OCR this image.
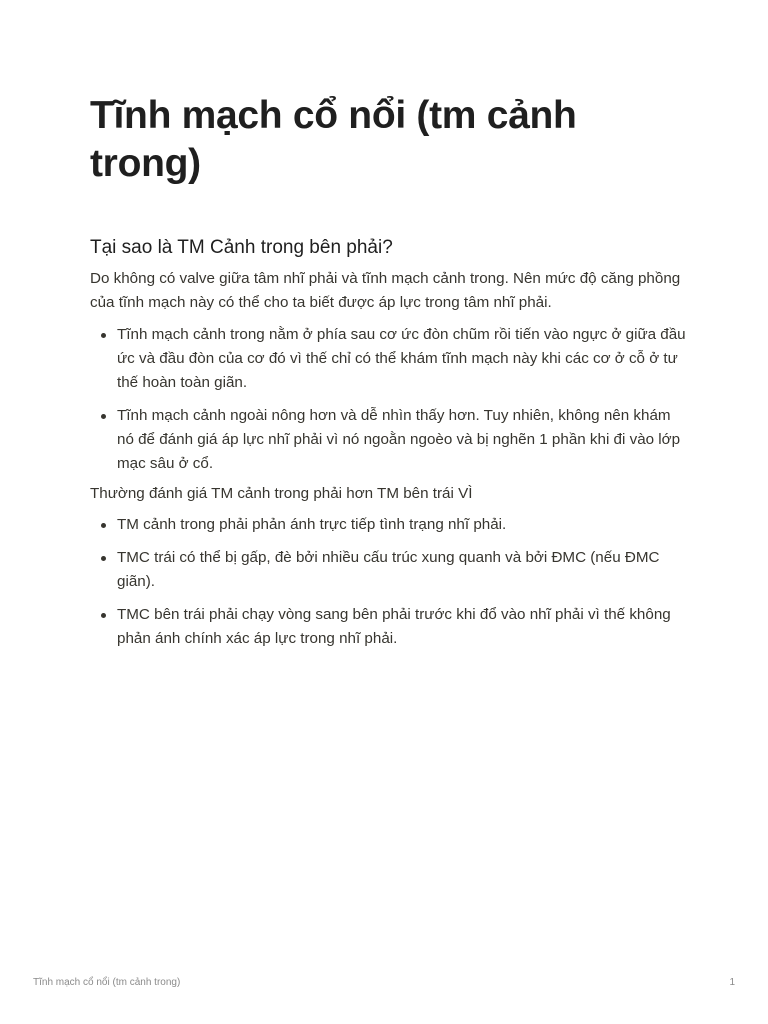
Tĩnh mạch cổ nổi (tm cảnh trong)
Tại sao là TM Cảnh trong bên phải?

Do không có valve giữa tâm nhĩ phải và tĩnh mạch cảnh trong. Nên mức độ căng phồng của tĩnh mạch này có thể cho ta biết được áp lực trong tâm nhĩ phải.

Tĩnh mạch cảnh trong nằm ở phía sau cơ ức đòn chũm rồi tiến vào ngực ở giữa đầu ức và đầu đòn của cơ đó vì thế chỉ có thể khám tĩnh mạch này khi các cơ ở cỗ ở tư thế hoàn toàn giãn.
Tĩnh mạch cảnh ngoài nông hơn và dễ nhìn thấy hơn. Tuy nhiên, không nên khám nó để đánh giá áp lực nhĩ phải vì nó ngoằn ngoèo và bị nghẽn 1 phần khi đi vào lớp mạc sâu ở cổ.

Thường đánh giá TM cảnh trong phải hơn TM bên trái VÌ

TM cảnh trong phải phản ánh trực tiếp tình trạng nhĩ phải.
TMC trái có thể bị gấp, đè bởi nhiều cấu trúc xung quanh và bởi ĐMC (nếu ĐMC giãn).
TMC bên trái phải chạy vòng sang bên phải trước khi đổ vào nhĩ phải vì thế không phản ánh chính xác áp lực trong nhĩ phải.
Tĩnh mạch cổ nổi (tm cảnh trong)	1
